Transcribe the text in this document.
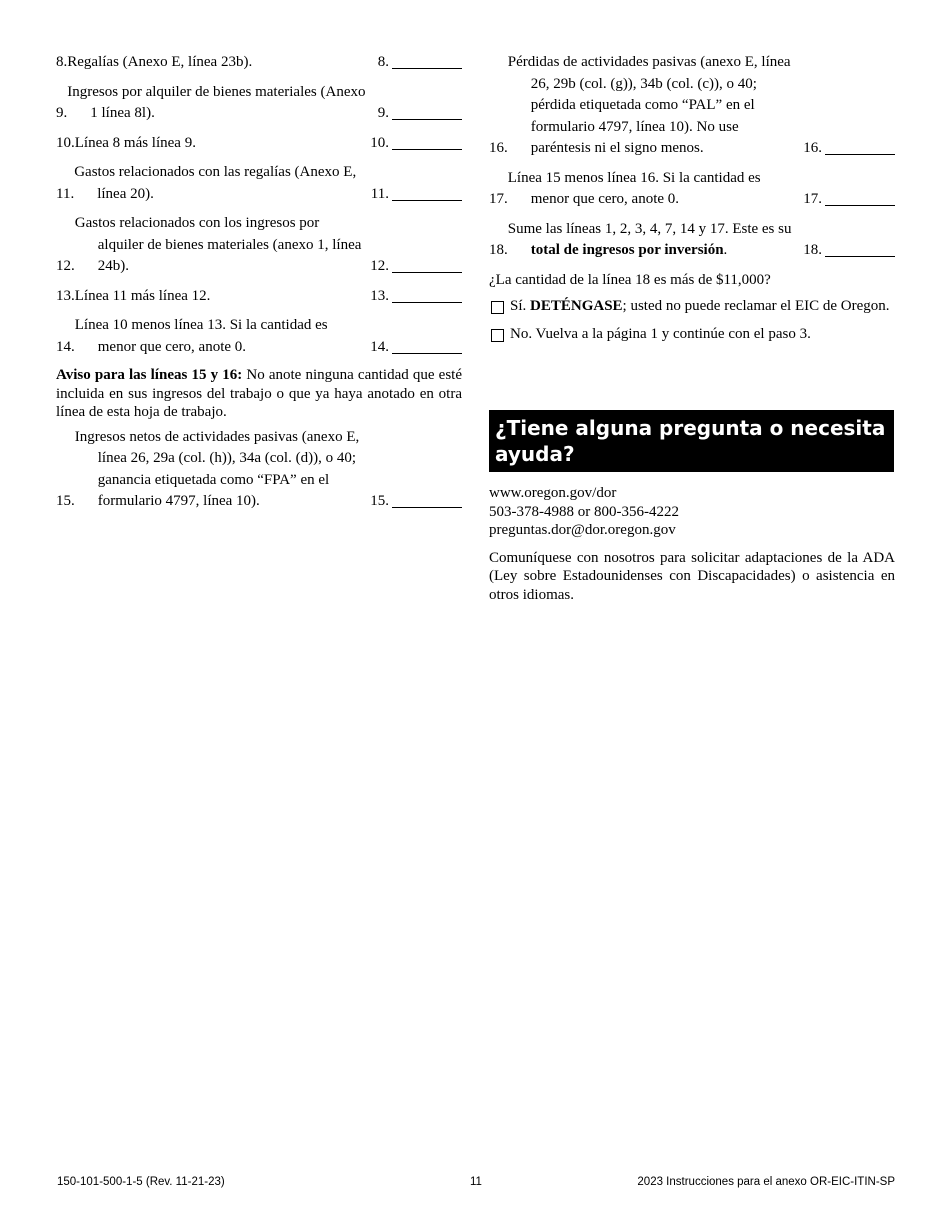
8. Regalías (Anexo E, línea 23b).	8.
9.
Ingresos por alquiler de bienes materiales (Anexo 1 línea 8l).	9.
10. Línea 8 más línea 9.	10.
11.
Gastos relacionados con las regalías (Anexo E, línea 20).	11.
12.
Gastos relacionados con los ingresos por alquiler de bienes materiales (anexo 1, línea 24b).	12.
13. Línea 11 más línea 12.	13.
14.
Línea 10 menos línea 13. Si la cantidad es menor que cero, anote 0.	14.
Aviso para las líneas 15 y 16: No anote ninguna cantidad que esté incluida en sus ingresos del trabajo o que ya haya anotado en otra línea de esta hoja de trabajo.
15.
Ingresos netos de actividades pasivas (anexo E, línea 26, 29a (col. (h)), 34a (col. (d)), o 40; ganancia etiquetada como “FPA” en el formulario 4797, línea 10).	15.
16.
Pérdidas de actividades pasivas (anexo E, línea 26, 29b (col. (g)), 34b (col. (c)), o 40; pérdida etiquetada como “PAL” en el formulario 4797, línea 10). No use paréntesis ni el signo menos.	16.
17.
Línea 15 menos línea 16. Si la cantidad es menor que cero, anote 0.	17.
18.
Sume las líneas 1, 2, 3, 4, 7, 14 y 17. Este es su total de ingresos por inversión.	18.
¿La cantidad de la línea 18 es más de $11,000?
Sí. DETÉNGASE; usted no puede reclamar el EIC de Oregon.
No. Vuelva a la página 1 y continúe con el paso 3.
¿Tiene alguna pregunta o necesita ayuda?
www.oregon.gov/dor
503-378-4988 or 800-356-4222
preguntas.dor@dor.oregon.gov
Comuníquese con nosotros para solicitar adaptaciones de la ADA (Ley sobre Estadounidenses con Discapacidades) o asistencia en otros idiomas.
150-101-500-1-5 (Rev. 11-21-23)	11	2023 Instrucciones para el anexo OR-EIC-ITIN-SP
